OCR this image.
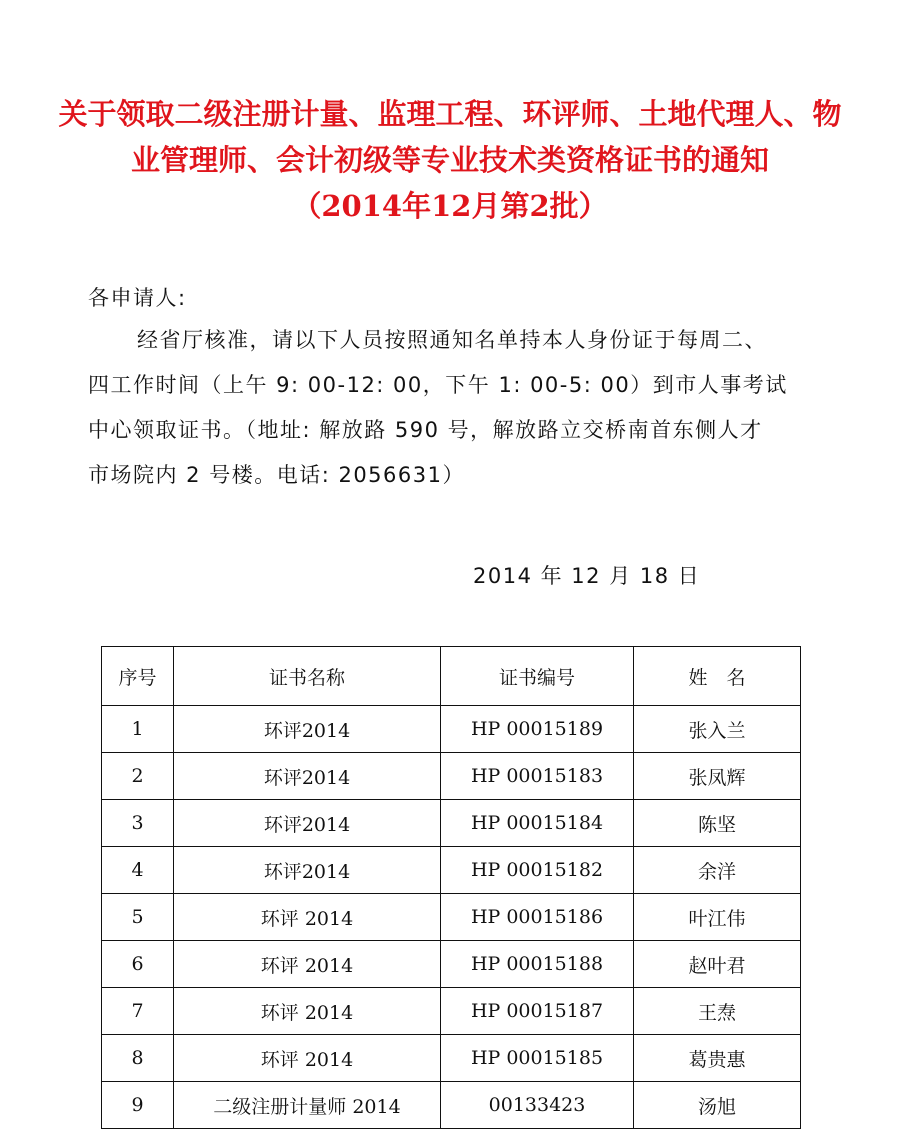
关于领取二级注册计量、监理工程、环评师、土地代理人、物
业管理师、会计初级等专业技术类资格证书的通知
（2014年12月第2批）
各申请人:
经省厅核准，请以下人员按照通知名单持本人身份证于每周二、
四工作时间（上午 9: 00-12: 00，下午 1: 00-5: 00）到市人事考试
中心领取证书。（地址: 解放路 590 号，解放路立交桥南首东侧人才
市场院内 2 号楼。电话: 2056631）
2014 年 12 月 18 日
序号	证书名称	证书编号	姓　名
1	环评2014	HP 00015189	张入兰
2	环评2014	HP 00015183	张凤辉
3	环评2014	HP 00015184	陈坚
4	环评2014	HP 00015182	余洋
5	环评 2014	HP 00015186	叶江伟
6	环评 2014	HP 00015188	赵叶君
7	环评 2014	HP 00015187	王焘
8	环评 2014	HP 00015185	葛贵惠
9	二级注册计量师 2014	00133423	汤旭
